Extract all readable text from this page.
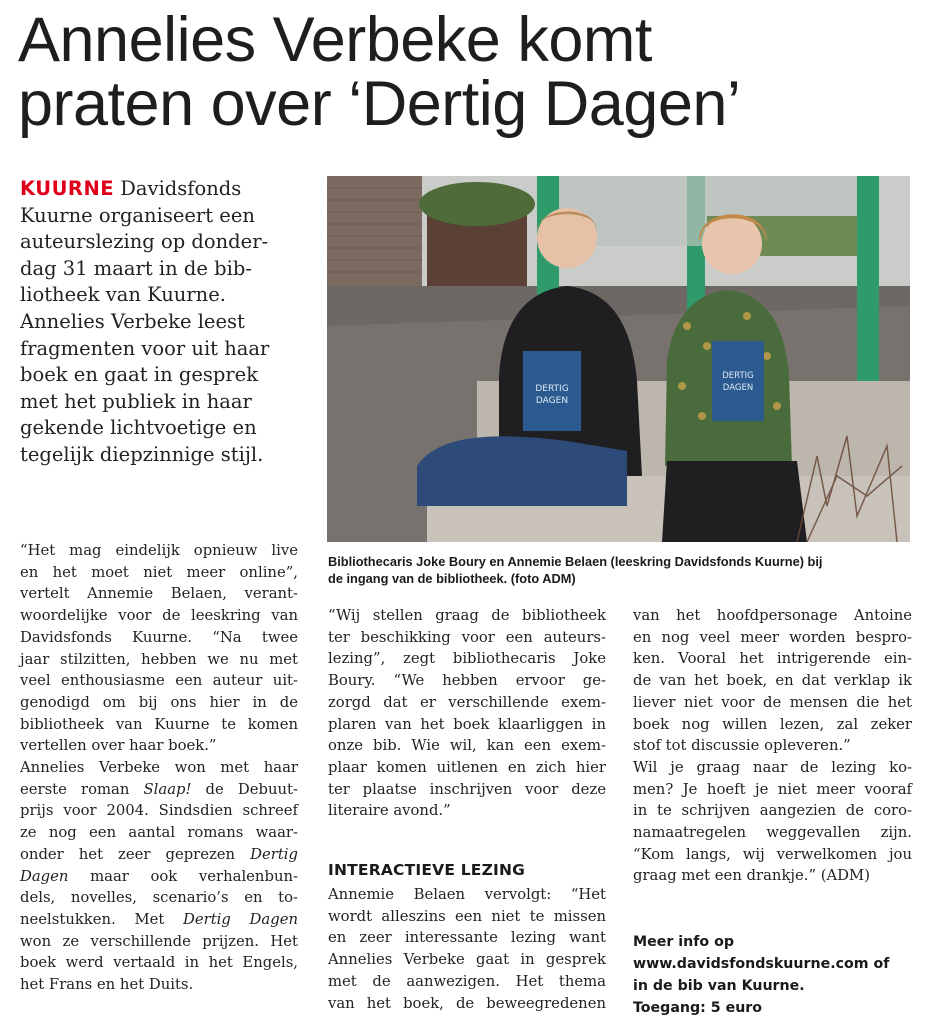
Annelies Verbeke komt
praten over ‘Dertig Dagen’
KUURNE Davidsfonds
Kuurne organiseert een
auteurslezing op donder-
dag 31 maart in de bib-
liotheek van Kuurne.
Annelies Verbeke leest
fragmenten voor uit haar
boek en gaat in gesprek
met het publiek in haar
gekende lichtvoetige en
tegelijk diepzinnige stijl.
DERTIG
DAGEN
DERTIG
DAGEN
Bibliothecaris Joke Boury en Annemie Belaen (leeskring Davidsfonds Kuurne) bij
de ingang van de bibliotheek. (foto ADM)
“Het mag eindelijk opnieuw live
en het moet niet meer online”,
vertelt Annemie Belaen, verant-
woordelijke voor de leeskring van
Davidsfonds Kuurne. “Na twee
jaar stilzitten, hebben we nu met
veel enthousiasme een auteur uit-
genodigd om bij ons hier in de
bibliotheek van Kuurne te komen
vertellen over haar boek.”
Annelies Verbeke won met haar
eerste roman Slaap! de Debuut-
prijs voor 2004. Sindsdien schreef
ze nog een aantal romans waar-
onder het zeer geprezen Dertig
Dagen maar ook verhalenbun-
dels, novelles, scenario’s en to-
neelstukken. Met Dertig Dagen
won ze verschillende prijzen. Het
boek werd vertaald in het Engels,
het Frans en het Duits.
“Wij stellen graag de bibliotheek
ter beschikking voor een auteurs-
lezing”, zegt bibliothecaris Joke
Boury. “We hebben ervoor ge-
zorgd dat er verschillende exem-
plaren van het boek klaarliggen in
onze bib. Wie wil, kan een exem-
plaar komen uitlenen en zich hier
ter plaatse inschrijven voor deze
literaire avond.”
INTERACTIEVE LEZING
Annemie Belaen vervolgt: “Het
wordt alleszins een niet te missen
en zeer interessante lezing want
Annelies Verbeke gaat in gesprek
met de aanwezigen. Het thema
van het boek, de beweegredenen
van het hoofdpersonage Antoine
en nog veel meer worden bespro-
ken. Vooral het intrigerende ein-
de van het boek, en dat verklap ik
liever niet voor de mensen die het
boek nog willen lezen, zal zeker
stof tot discussie opleveren.”
Wil je graag naar de lezing ko-
men? Je hoeft je niet meer vooraf
in te schrijven aangezien de coro-
namaatregelen weggevallen zijn.
“Kom langs, wij verwelkomen jou
graag met een drankje.” (ADM)
Meer info op
www.davidsfondskuurne.com of
in de bib van Kuurne.
Toegang: 5 euro
